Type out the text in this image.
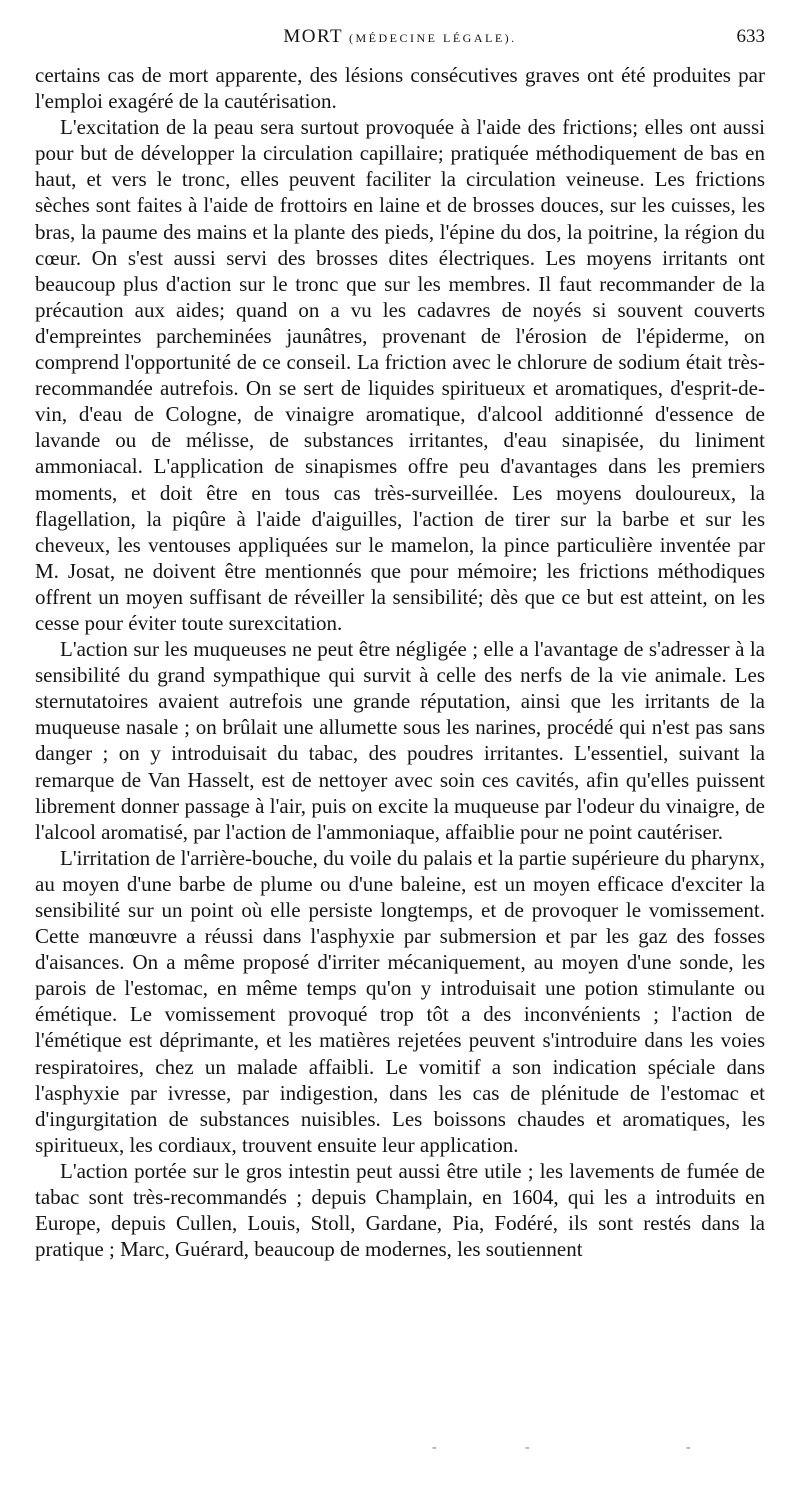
MORT (MÉDECINE LÉGALE).	633

certains cas de mort apparente, des lésions consécutives graves ont été produites par l'emploi exagéré de la cautérisation.

L'excitation de la peau sera surtout provoquée à l'aide des frictions; elles ont aussi pour but de développer la circulation capillaire; pratiquée méthodiquement de bas en haut, et vers le tronc, elles peuvent faciliter la circulation veineuse. Les frictions sèches sont faites à l'aide de frottoirs en laine et de brosses douces, sur les cuisses, les bras, la paume des mains et la plante des pieds, l'épine du dos, la poitrine, la région du cœur. On s'est aussi servi des brosses dites électriques. Les moyens irritants ont beaucoup plus d'action sur le tronc que sur les membres. Il faut recommander de la précaution aux aides; quand on a vu les cadavres de noyés si souvent couverts d'empreintes parcheminées jaunâtres, provenant de l'érosion de l'épiderme, on comprend l'opportunité de ce conseil. La friction avec le chlorure de sodium était très-recommandée autrefois. On se sert de liquides spiritueux et aromatiques, d'esprit-de-vin, d'eau de Cologne, de vinaigre aromatique, d'alcool additionné d'essence de lavande ou de mélisse, de substances irritantes, d'eau sinapisée, du liniment ammoniacal. L'application de sinapismes offre peu d'avantages dans les premiers moments, et doit être en tous cas très-surveillée. Les moyens douloureux, la flagellation, la piqûre à l'aide d'aiguilles, l'action de tirer sur la barbe et sur les cheveux, les ventouses appliquées sur le mamelon, la pince particulière inventée par M. Josat, ne doivent être mentionnés que pour mémoire; les frictions méthodiques offrent un moyen suffisant de réveiller la sensibilité; dès que ce but est atteint, on les cesse pour éviter toute surexcitation.

L'action sur les muqueuses ne peut être négligée ; elle a l'avantage de s'adresser à la sensibilité du grand sympathique qui survit à celle des nerfs de la vie animale. Les sternutatoires avaient autrefois une grande réputation, ainsi que les irritants de la muqueuse nasale ; on brûlait une allumette sous les narines, procédé qui n'est pas sans danger ; on y introduisait du tabac, des poudres irritantes. L'essentiel, suivant la remarque de Van Hasselt, est de nettoyer avec soin ces cavités, afin qu'elles puissent librement donner passage à l'air, puis on excite la muqueuse par l'odeur du vinaigre, de l'alcool aromatisé, par l'action de l'ammoniaque, affaiblie pour ne point cautériser.

L'irritation de l'arrière-bouche, du voile du palais et la partie supérieure du pharynx, au moyen d'une barbe de plume ou d'une baleine, est un moyen efficace d'exciter la sensibilité sur un point où elle persiste longtemps, et de provoquer le vomissement. Cette manœuvre a réussi dans l'asphyxie par submersion et par les gaz des fosses d'aisances. On a même proposé d'irriter mécaniquement, au moyen d'une sonde, les parois de l'estomac, en même temps qu'on y introduisait une potion stimulante ou émétique. Le vomissement provoqué trop tôt a des inconvénients ; l'action de l'émétique est déprimante, et les matières rejetées peuvent s'introduire dans les voies respiratoires, chez un malade affaibli. Le vomitif a son indication spéciale dans l'asphyxie par ivresse, par indigestion, dans les cas de plénitude de l'estomac et d'ingurgitation de substances nuisibles. Les boissons chaudes et aromatiques, les spiritueux, les cordiaux, trouvent ensuite leur application.

L'action portée sur le gros intestin peut aussi être utile ; les lavements de fumée de tabac sont très-recommandés ; depuis Champlain, en 1604, qui les a introduits en Europe, depuis Cullen, Louis, Stoll, Gardane, Pia, Fodéré, ils sont restés dans la pratique ; Marc, Guérard, beaucoup de modernes, les soutiennent

-	-	-
